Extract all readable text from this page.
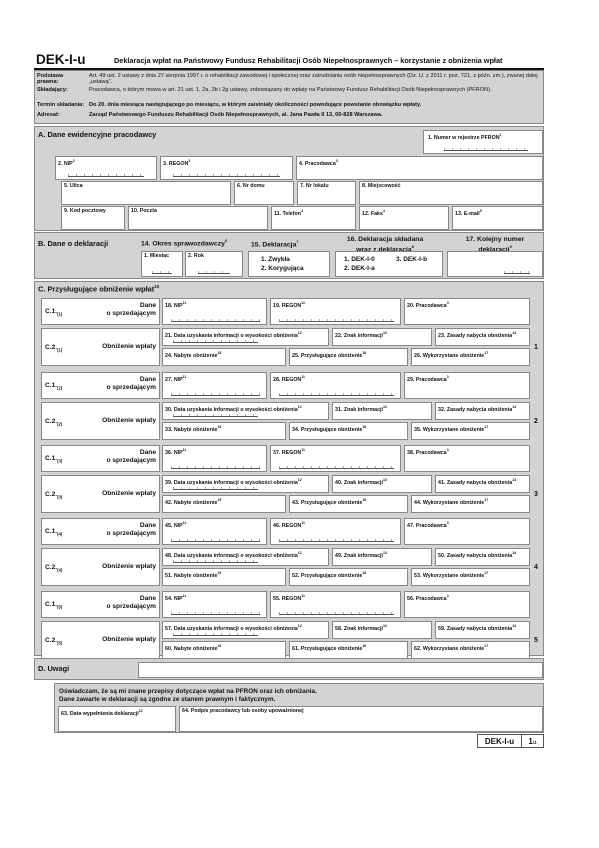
DEK-I-u	Deklaracja wpłat na Państwowy Fundusz Rehabilitacji Osób Niepełnosprawnych – korzystanie z obniżenia wpłat
Podstawa prawna:
Art. 49 ust. 2 ustawy z dnia 27 sierpnia 1997 r. o rehabilitacji zawodowej i społecznej oraz zatrudnianiu osób niepełnosprawnych (Dz. U. z 2011 r. poz. 721, z późn. zm.), zwanej dalej „ustawą”.
Składający:	Pracodawca, o którym mowa w art. 21 ust. 1, 2a, 2b i 2g ustawy, zobowiązany do wpłaty na Państwowy Fundusz Rehabilitacji Osób Niepełnosprawnych (PFRON).
Termin składania: Do 20. dnia miesiąca następującego po miesiącu, w którym zaistniały okoliczności powodujące powstanie obowiązku wpłaty.
Adresat:	Zarząd Państwowego Funduszu Rehabilitacji Osób Niepełnosprawnych, al. Jana Pawła II 13, 00-828 Warszawa.
A. Dane ewidencyjne pracodawcy	1. Numer w rejestrze PFRON$^1$
2. NIP$^2$	3. REGON$^2$	4. Pracodawca$^3$
5. Ulica	6. Nr domu	7. Nr lokalu	8. Miejscowość
9. Kod pocztowy	10. Poczta	11. Telefon$^4$	12. Faks$^4$	13. E-mail$^5$
B. Dane o deklaracji	14. Okres sprawozdawczy$^6$
1. Miesiąc	2. Rok
15. Deklaracja$^7$
1. Zwykła
2. Korygująca
16. Deklaracja składana
$^8$
1. DEK-I-0	3. DEK-I-b
2. DEK-I-a
17. Kolejny numer
$^9$
C. Przysługujące obniżenie wpłat$^{10}$
$C.1._{(1)}$
Dane
o sprzedającym
18. NIP$^{11}$	19. REGON$^{11}$	20. Pracodawca$^3$
$C.2._{(1)}$	Obniżenie wpłaty
21. Data uzyskania informacji o wysokości obniżenia$^{12}$	22. Znak informacji$^{13}$	23. Zasady nabycia obniżenia$^{14}$
24. Nabyte obniżenie$^{15}$	25. Przysługujące obniżenie$^{16}$	26. Wykorzystane obniżenie$^{17}$
1
$C.1._{(2)}$
Dane
o sprzedającym
27. NIP$^{11}$	28. REGON$^{11}$	29. Pracodawca$^3$
$C.2._{(2)}$	Obniżenie wpłaty
30. Data uzyskania informacji o wysokości obniżenia$^{12}$	31. Znak informacji$^{13}$	32. Zasady nabycia obniżenia$^{14}$
33. Nabyte obniżenie$^{15}$	34. Przysługujące obniżenie$^{16}$	35. Wykorzystane obniżenie$^{17}$
2
$C.1._{(3)}$
Dane
o sprzedającym
36. NIP$^{11}$	37. REGON$^{11}$	38. Pracodawca$^3$
$C.2._{(3)}$	Obniżenie wpłaty
39. Data uzyskania informacji o wysokości obniżenia$^{12}$	40. Znak informacji$^{13}$	41. Zasady nabycia obniżenia$^{14}$
42. Nabyte obniżenie$^{15}$	43. Przysługujące obniżenie$^{16}$	44. Wykorzystane obniżenie$^{17}$
3
$C.1._{(4)}$
Dane
o sprzedającym
45. NIP$^{11}$	46. REGON$^{11}$	47. Pracodawca$^3$
$C.2._{(4)}$	Obniżenie wpłaty
48. Data uzyskania informacji o wysokości obniżenia$^{12}$	49. Znak informacji$^{13}$	50. Zasady nabycia obniżenia$^{14}$
51. Nabyte obniżenie$^{15}$	52. Przysługujące obniżenie$^{16}$	53. Wykorzystane obniżenie$^{17}$
4
$C.1._{(5)}$
Dane
o sprzedającym
54. NIP$^{11}$	55. REGON$^{11}$	56. Pracodawca$^3$
$C.2._{(5)}$	Obniżenie wpłaty
57. Data uzyskania informacji o wysokości obniżenia$^{12}$	58. Znak informacji$^{13}$	59. Zasady nabycia obniżenia$^{14}$
60. Nabyte obniżenie$^{15}$	61. Przysługujące obniżenie$^{16}$	62. Wykorzystane obniżenie$^{17}$
5
D. Uwagi
Oświadczam, że są mi znane przepisy dotyczące wpłat na PFRON oraz ich obniżania.
Dane zawarte w deklaracji są zgodne ze stanem prawnym i faktycznym.
63. Data wypełnienia deklaracji$^{12}$	64. Podpis pracodawcy lub osoby upoważnionej
DEK-I-u	1/1
